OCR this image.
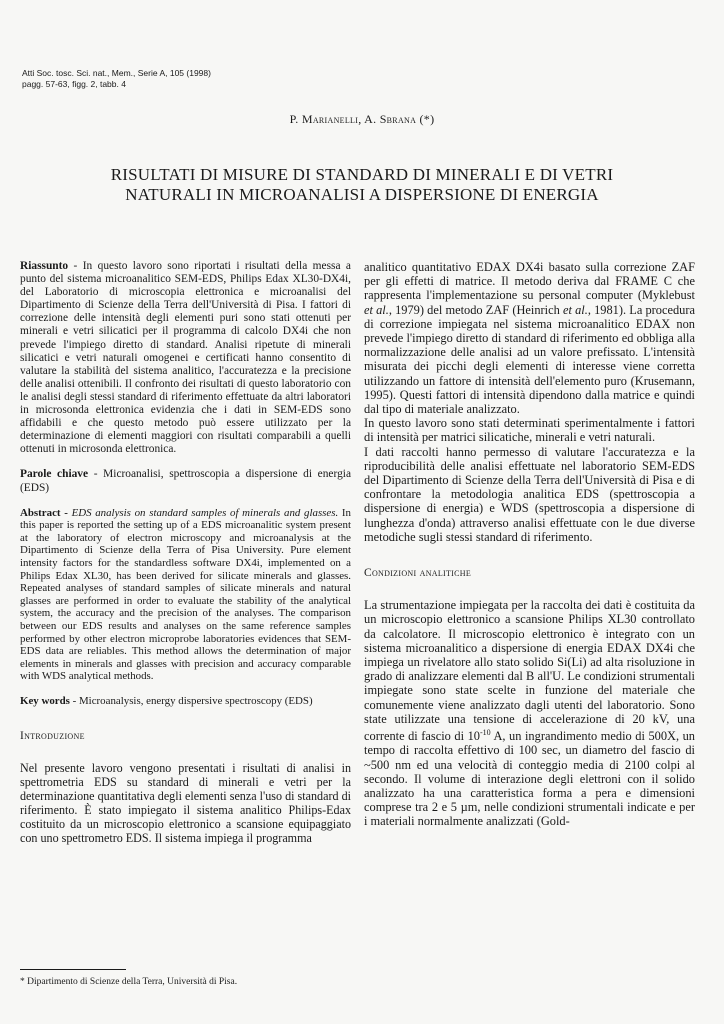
Atti Soc. tosc. Sci. nat., Mem., Serie A, 105 (1998)
pagg. 57-63, figg. 2, tabb. 4
P. Marianelli, A. Sbrana (*)
RISULTATI DI MISURE DI STANDARD DI MINERALI E DI VETRI
NATURALI IN MICROANALISI A DISPERSIONE DI ENERGIA

Riassunto - In questo lavoro sono riportati i risultati della messa a punto del sistema microanalitico SEM-EDS, Philips Edax XL30-DX4i, del Laboratorio di microscopia elettronica e microanalisi del Dipartimento di Scienze della Terra dell'Università di Pisa. I fattori di correzione delle intensità degli elementi puri sono stati ottenuti per minerali e vetri silicatici per il programma di calcolo DX4i che non prevede l'impiego diretto di standard. Analisi ripetute di minerali silicatici e vetri naturali omogenei e certificati hanno consentito di valutare la stabilità del sistema analitico, l'accuratezza e la precisione delle analisi ottenibili. Il confronto dei risultati di questo laboratorio con le analisi degli stessi standard di riferimento effettuate da altri laboratori in microsonda elettronica evidenzia che i dati in SEM-EDS sono affidabili e che questo metodo può essere utilizzato per la determinazione di elementi maggiori con risultati comparabili a quelli ottenuti in microsonda elettronica.

Parole chiave - Microanalisi, spettroscopia a dispersione di energia (EDS)

Abstract - EDS analysis on standard samples of minerals and glasses. In this paper is reported the setting up of a EDS microanalitic system present at the laboratory of electron microscopy and microanalysis at the Dipartimento di Scienze della Terra of Pisa University. Pure element intensity factors for the standardless software DX4i, implemented on a Philips Edax XL30, has been derived for silicate minerals and glasses. Repeated analyses of standard samples of silicate minerals and natural glasses are performed in order to evaluate the stability of the analytical system, the accuracy and the precision of the analyses. The comparison between our EDS results and analyses on the same reference samples performed by other electron microprobe laboratories evidences that SEM-EDS data are reliables. This method allows the determination of major elements in minerals and glasses with precision and accuracy comparable with WDS analytical methods.

Key words - Microanalysis, energy dispersive spectroscopy (EDS)

Introduzione

Nel presente lavoro vengono presentati i risultati di analisi in spettrometria EDS su standard di minerali e vetri per la determinazione quantitativa degli elementi senza l'uso di standard di riferimento. È stato impiegato il sistema analitico Philips-Edax costituito da un microscopio elettronico a scansione equipaggiato con uno spettrometro EDS. Il sistema impiega il programma

analitico quantitativo EDAX DX4i basato sulla correzione ZAF per gli effetti di matrice. Il metodo deriva dal FRAME C che rappresenta l'implementazione su personal computer (Myklebust et al., 1979) del metodo ZAF (Heinrich et al., 1981). La procedura di correzione impiegata nel sistema microanalitico EDAX non prevede l'impiego diretto di standard di riferimento ed obbliga alla normalizzazione delle analisi ad un valore prefissato. L'intensità misurata dei picchi degli elementi di interesse viene corretta utilizzando un fattore di intensità dell'elemento puro (Krusemann, 1995). Questi fattori di intensità dipendono dalla matrice e quindi dal tipo di materiale analizzato.

In questo lavoro sono stati determinati sperimentalmente i fattori di intensità per matrici silicatiche, minerali e vetri naturali.

I dati raccolti hanno permesso di valutare l'accuratezza e la riproducibilità delle analisi effettuate nel laboratorio SEM-EDS del Dipartimento di Scienze della Terra dell'Università di Pisa e di confrontare la metodologia analitica EDS (spettroscopia a dispersione di energia) e WDS (spettroscopia a dispersione di lunghezza d'onda) attraverso analisi effettuate con le due diverse metodiche sugli stessi standard di riferimento.

Condizioni analitiche

La strumentazione impiegata per la raccolta dei dati è costituita da un microscopio elettronico a scansione Philips XL30 controllato da calcolatore. Il microscopio elettronico è integrato con un sistema microanalitico a dispersione di energia EDAX DX4i che impiega un rivelatore allo stato solido Si(Li) ad alta risoluzione in grado di analizzare elementi dal B all'U. Le condizioni strumentali impiegate sono state scelte in funzione del materiale che comunemente viene analizzato dagli utenti del laboratorio. Sono state utilizzate una tensione di accelerazione di 20 kV, una corrente di fascio di $10^{-10}$ A, un ingrandimento medio di 500X, un tempo di raccolta effettivo di 100 sec, un diametro del fascio di ~500 nm ed una velocità di conteggio media di 2100 colpi al secondo. Il volume di interazione degli elettroni con il solido analizzato ha una caratteristica forma a pera e dimensioni comprese tra 2 e 5 µm, nelle condizioni strumentali indicate e per i materiali normalmente analizzati (Gold-

* Dipartimento di Scienze della Terra, Università di Pisa.
